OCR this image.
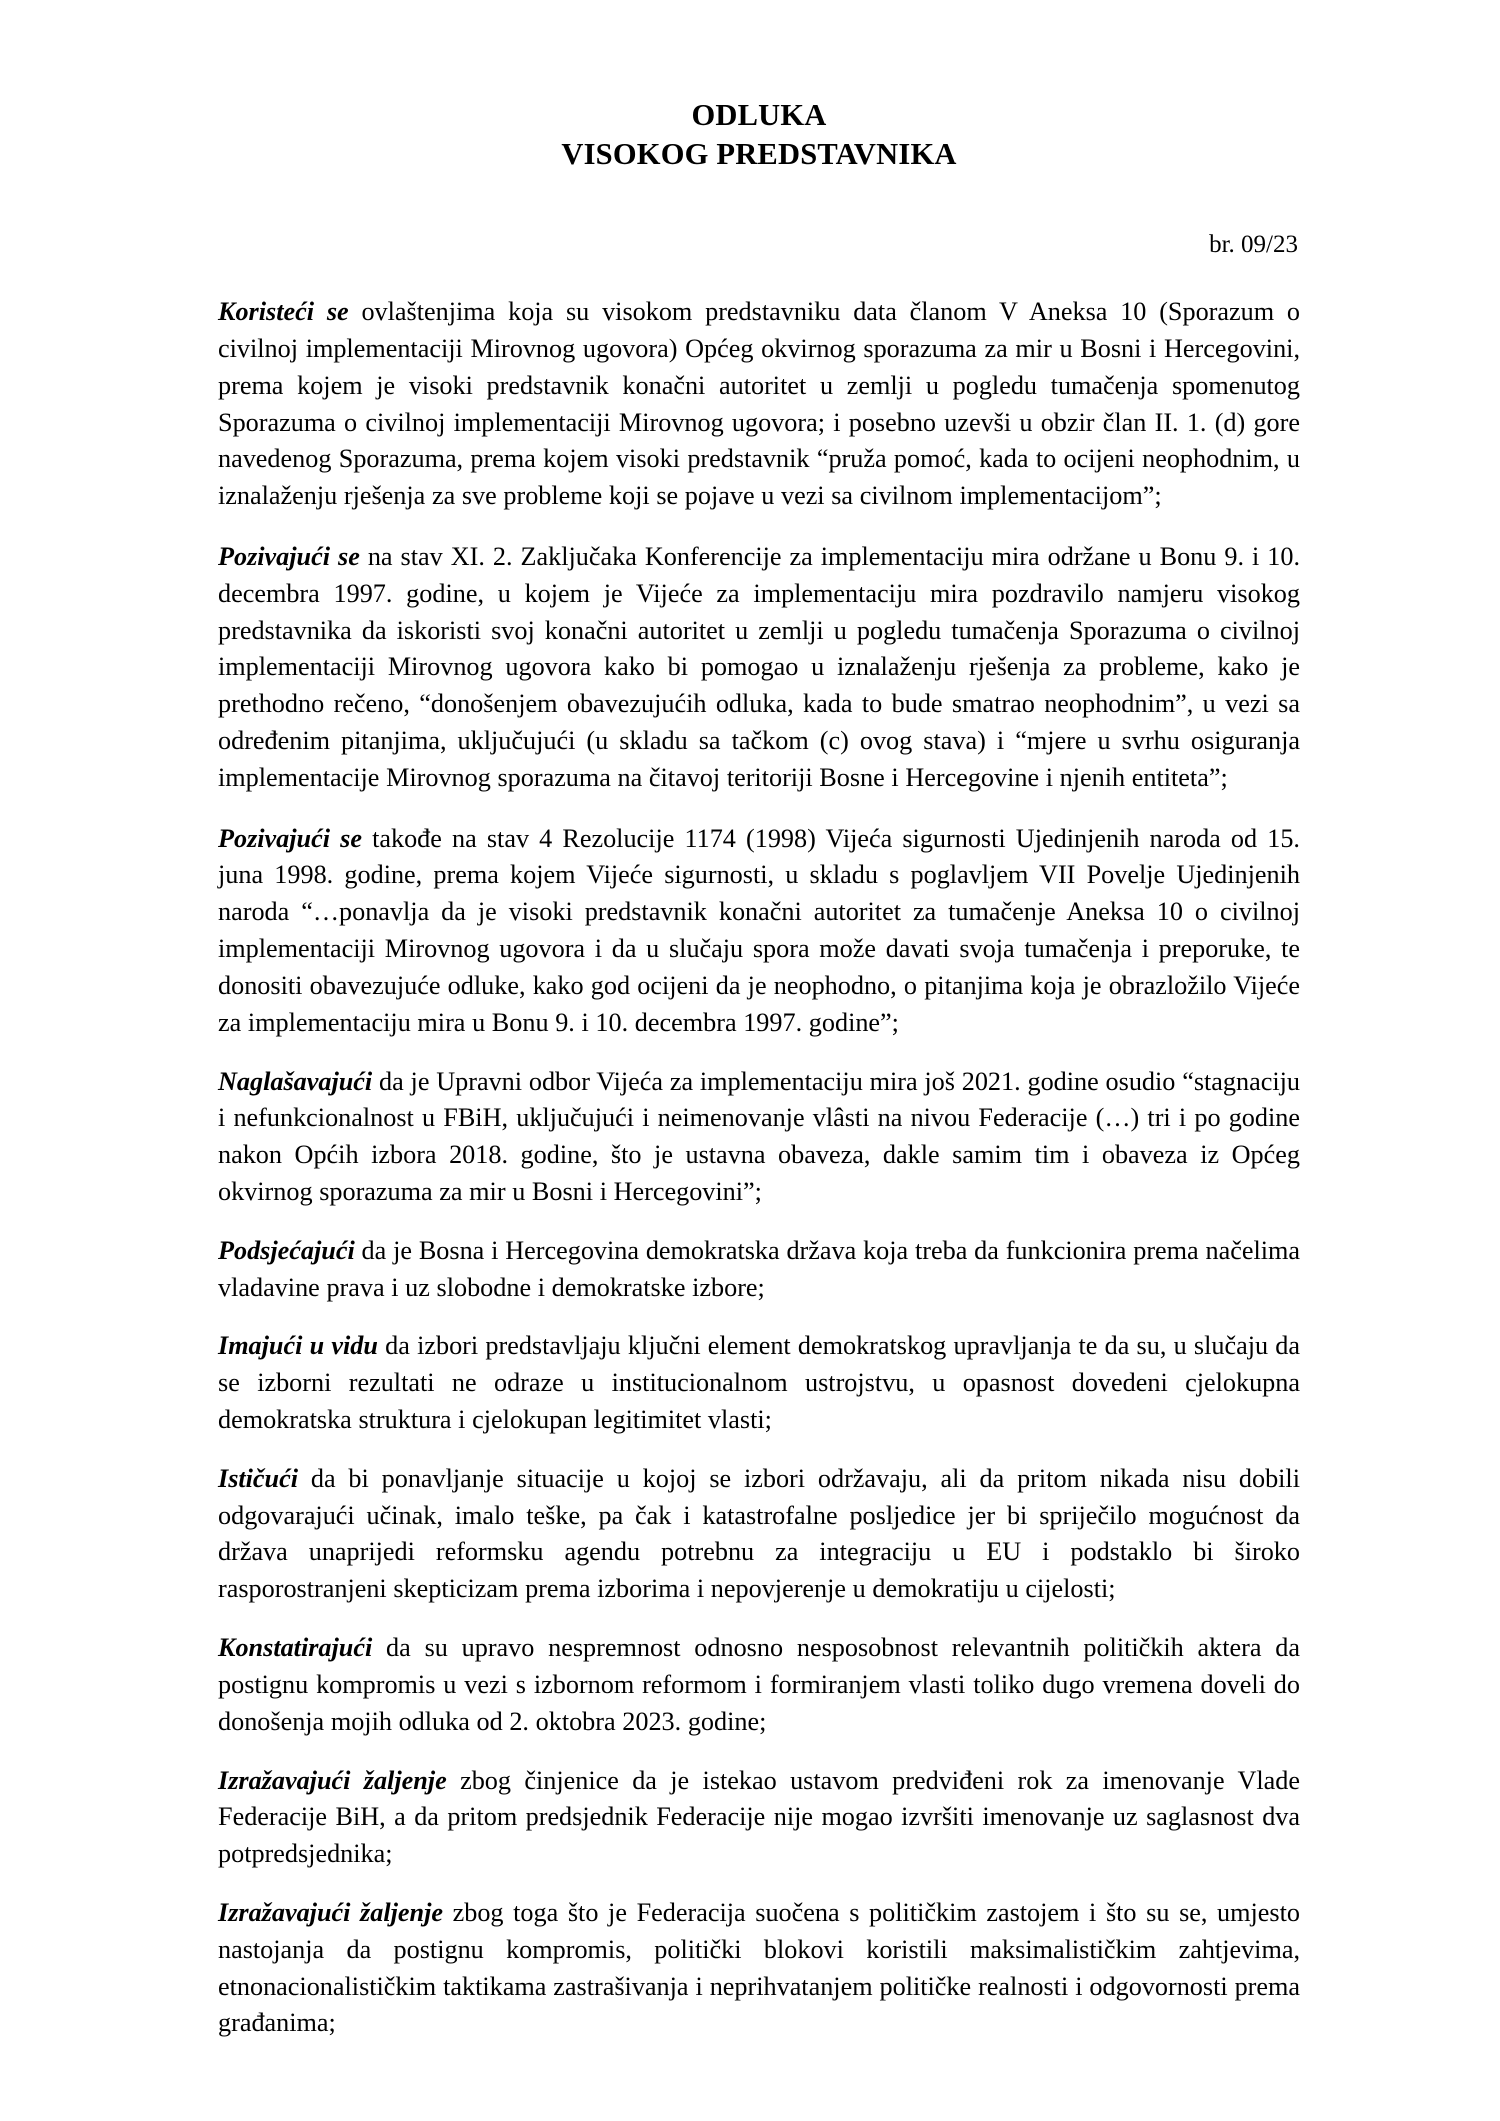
ODLUKA
VISOKOG PREDSTAVNIKA
br. 09/23

Koristeći se ovlaštenjima koja su visokom predstavniku data članom V Aneksa 10 (Sporazum o civilnoj implementaciji Mirovnog ugovora) Općeg okvirnog sporazuma za mir u Bosni i Hercegovini, prema kojem je visoki predstavnik konačni autoritet u zemlji u pogledu tumačenja spomenutog Sporazuma o civilnoj implementaciji Mirovnog ugovora; i posebno uzevši u obzir član II. 1. (d) gore navedenog Sporazuma, prema kojem visoki predstavnik “pruža pomoć, kada to ocijeni neophodnim, u iznalaženju rješenja za sve probleme koji se pojave u vezi sa civilnom implementacijom”;

Pozivajući se na stav XI. 2. Zaključaka Konferencije za implementaciju mira održane u Bonu 9. i 10. decembra 1997. godine, u kojem je Vijeće za implementaciju mira pozdravilo namjeru visokog predstavnika da iskoristi svoj konačni autoritet u zemlji u pogledu tumačenja Sporazuma o civilnoj implementaciji Mirovnog ugovora kako bi pomogao u iznalaženju rješenja za probleme, kako je prethodno rečeno, “donošenjem obavezujućih odluka, kada to bude smatrao neophodnim”, u vezi sa određenim pitanjima, uključujući (u skladu sa tačkom (c) ovog stava) i “mjere u svrhu osiguranja implementacije Mirovnog sporazuma na čitavoj teritoriji Bosne i Hercegovine i njenih entiteta”;

Pozivajući se takođe na stav 4 Rezolucije 1174 (1998) Vijeća sigurnosti Ujedinjenih naroda od 15. juna 1998. godine, prema kojem Vijeće sigurnosti, u skladu s poglavljem VII Povelje Ujedinjenih naroda “…ponavlja da je visoki predstavnik konačni autoritet za tumačenje Aneksa 10 o civilnoj implementaciji Mirovnog ugovora i da u slučaju spora može davati svoja tumačenja i preporuke, te donositi obavezujuće odluke, kako god ocijeni da je neophodno, o pitanjima koja je obrazložilo Vijeće za implementaciju mira u Bonu 9. i 10. decembra 1997. godine”;

Naglašavajući da je Upravni odbor Vijeća za implementaciju mira još 2021. godine osudio “stagnaciju i nefunkcionalnost u FBiH, uključujući i neimenovanje vlâsti na nivou Federacije (…) tri i po godine nakon Općih izbora 2018. godine, što je ustavna obaveza, dakle samim tim i obaveza iz Općeg okvirnog sporazuma za mir u Bosni i Hercegovini”;

Podsjećajući da je Bosna i Hercegovina demokratska država koja treba da funkcionira prema načelima vladavine prava i uz slobodne i demokratske izbore;

Imajući u vidu da izbori predstavljaju ključni element demokratskog upravljanja te da su, u slučaju da se izborni rezultati ne odraze u institucionalnom ustrojstvu, u opasnost dovedeni cjelokupna demokratska struktura i cjelokupan legitimitet vlasti;

Ističući da bi ponavljanje situacije u kojoj se izbori održavaju, ali da pritom nikada nisu dobili odgovarajući učinak, imalo teške, pa čak i katastrofalne posljedice jer bi spriječilo mogućnost da država unaprijedi reformsku agendu potrebnu za integraciju u EU i podstaklo bi široko rasporostranjeni skepticizam prema izborima i nepovjerenje u demokratiju u cijelosti;

Konstatirajući da su upravo nespremnost odnosno nesposobnost relevantnih političkih aktera da postignu kompromis u vezi s izbornom reformom i formiranjem vlasti toliko dugo vremena doveli do donošenja mojih odluka od 2. oktobra 2023. godine;

Izražavajući žaljenje zbog činjenice da je istekao ustavom predviđeni rok za imenovanje Vlade Federacije BiH, a da pritom predsjednik Federacije nije mogao izvršiti imenovanje uz saglasnost dva potpredsjednika;

Izražavajući žaljenje zbog toga što je Federacija suočena s političkim zastojem i što su se, umjesto nastojanja da postignu kompromis, politički blokovi koristili maksimalističkim zahtjevima, etnonacionalističkim taktikama zastrašivanja i neprihvatanjem političke realnosti i odgovornosti prema građanima;
